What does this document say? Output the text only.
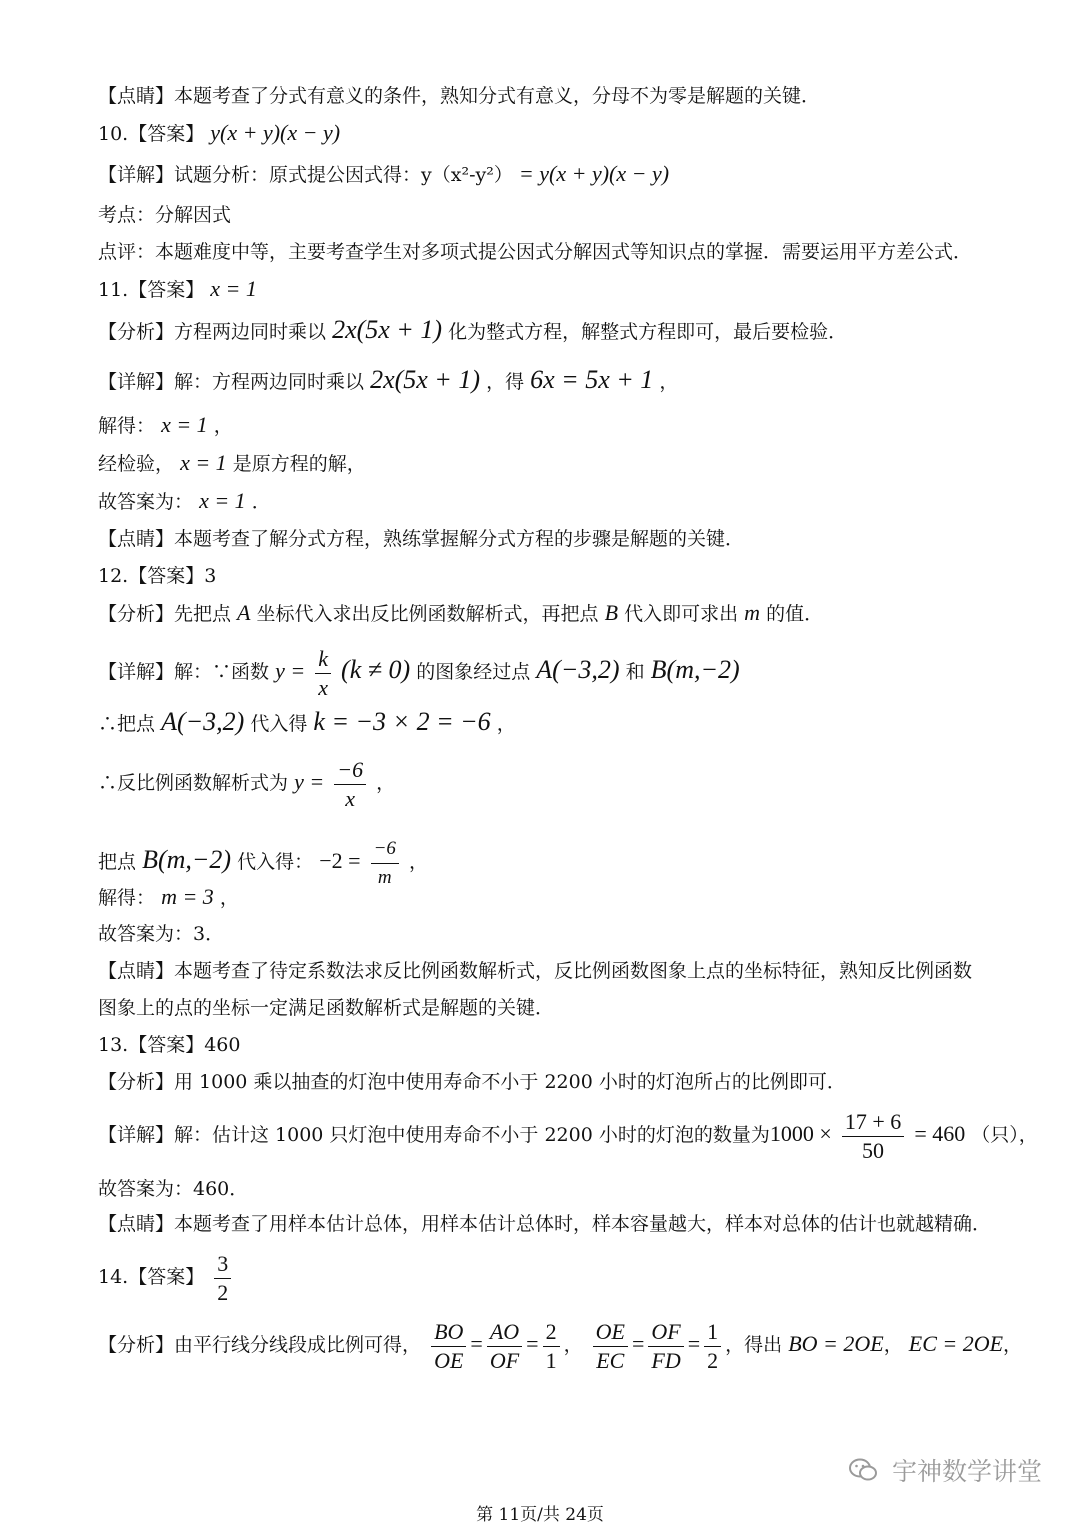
【点睛】本题考查了分式有意义的条件，熟知分式有意义，分母不为零是解题的关键．
10.【答案】 y(x + y)(x − y)
【详解】试题分析：原式提公因式得：y（x²-y²） = y(x + y)(x − y)
考点：分解因式
点评：本题难度中等，主要考查学生对多项式提公因式分解因式等知识点的掌握．需要运用平方差公式．
11.【答案】 x = 1
【分析】方程两边同时乘以 2x(5x + 1) 化为整式方程，解整式方程即可，最后要检验．
【详解】解：方程两边同时乘以 2x(5x + 1) ，得 6x = 5x + 1 ，
解得： x = 1 ，
经检验， x = 1 是原方程的解，
故答案为： x = 1 ．
【点睛】本题考查了解分式方程，熟练掌握解分式方程的步骤是解题的关键．
12.【答案】3
【分析】先把点 A 坐标代入求出反比例函数解析式，再把点 B 代入即可求出 m 的值．
【详解】解：∵函数 $y = \frac{k}{x} (k \ne 0)$ 的图象经过点 A(−3,2) 和 B(m,−2)
∴把点 A(−3,2) 代入得 k = −3 × 2 = −6 ，
∴反比例函数解析式为 $y = \frac{-6}{x}$ ，
把点 B(m,−2) 代入得： $-2 = \frac{-6}{m}$ ，
解得： m = 3 ，
故答案为：3．
【点睛】本题考查了待定系数法求反比例函数解析式，反比例函数图象上点的坐标特征，熟知反比例函数
图象上的点的坐标一定满足函数解析式是解题的关键．
13.【答案】460
【分析】用 1000 乘以抽查的灯泡中使用寿命不小于 2200 小时的灯泡所占的比例即可．
【详解】解：估计这 1000 只灯泡中使用寿命不小于 2200 小时的灯泡的数量为$1000 \times \frac{17 + 6}{50} = 460$ （只），
故答案为：460．
【点睛】本题考查了用样本估计总体，用样本估计总体时，样本容量越大，样本对总体的估计也就越精确．
14.【答案】 $\frac{3}{2}$
【分析】由平行线分线段成比例可得， $\frac{BO}{OE} = \frac{AO}{OF} = \frac{2}{1}$ ， $\frac{OE}{EC} = \frac{OF}{FD} = \frac{1}{2}$ ，得出 BO = 2OE， EC = 2OE，
宇神数学讲堂
第 11页/共 24页
